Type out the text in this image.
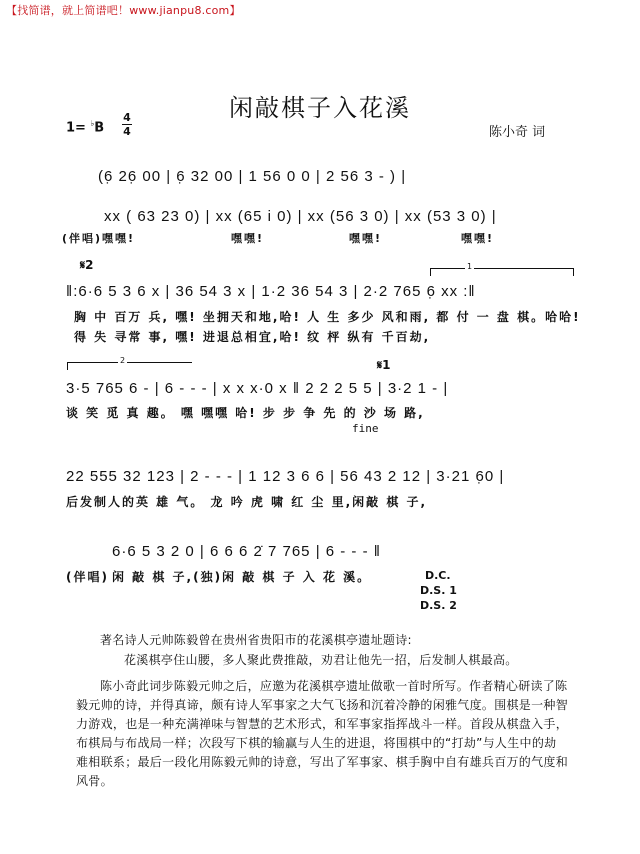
【找简谱，就上简谱吧！www.jianpu8.com】
闲敲棋子入花溪
1= ♭B
4
4	陈小奇 词
(6̣ 26̣ 00 | 6̣ 32 00 | 1 56 0 0 | 2 56 3 - ) |
xx ( 63 23 0) | xx (65 i 0) | xx (56 3 0) | xx (53 3 0) |
(伴唱) 嘿嘿!	嘿嘿!	嘿嘿!	嘿嘿!
𝄋2	1
‖:6·6 5 3 6 x | 36 54 3 x | 1·2 36 54 3 | 2·2 765 6̣ xx :‖
胸 中 百万 兵, 嘿! 坐拥天和地,哈! 人 生 多少 风和雨, 都 付 一 盘 棋。哈哈!
得 失 寻常 事, 嘿! 进退总相宜,哈! 纹 枰 纵有 千百劫,
2	𝄋1
3·5 765 6 - | 6 - - - | x x x·0 x ‖ 2 2 2 5 5 | 3·2 1 - |
谈 笑 觅 真 趣。 嘿 嘿嘿 哈! 步 步 争 先 的 沙 场 路,
fine
22 555 32 123 | 2 - - - | 1 12 3 6 6 | 56 43 2 12 | 3·21 6̣0 |
后发制人的英 雄 气。 龙 吟 虎 啸 红 尘 里,闲敲 棋 子,
6·6 5 3 2 0 | 6 6 6 2̇ 7 765 | 6 - - - ‖
(伴唱) 闲 敲 棋 子,(独)闲 敲 棋 子 入 花 溪。	D.C.
D.S. 1
D.S. 2
著名诗人元帅陈毅曾在贵州省贵阳市的花溪棋亭遗址题诗:
花溪棋亭住山腰，多人聚此费推敲，劝君让他先一招，后发制人棋最高。
陈小奇此词步陈毅元帅之后，应邀为花溪棋亭遗址做歌一首时所写。作者精心研读了陈
毅元帅的诗，并得真谛，颇有诗人军事家之大气飞扬和沉着冷静的闲雅气度。围棋是一种智
力游戏，也是一种充满禅味与智慧的艺术形式，和军事家指挥战斗一样。首段从棋盘入手，
布棋局与布战局一样；次段写下棋的输赢与人生的进退，将围棋中的“打劫”与人生中的劫
难相联系；最后一段化用陈毅元帅的诗意，写出了军事家、棋手胸中自有雄兵百万的气度和
风骨。
